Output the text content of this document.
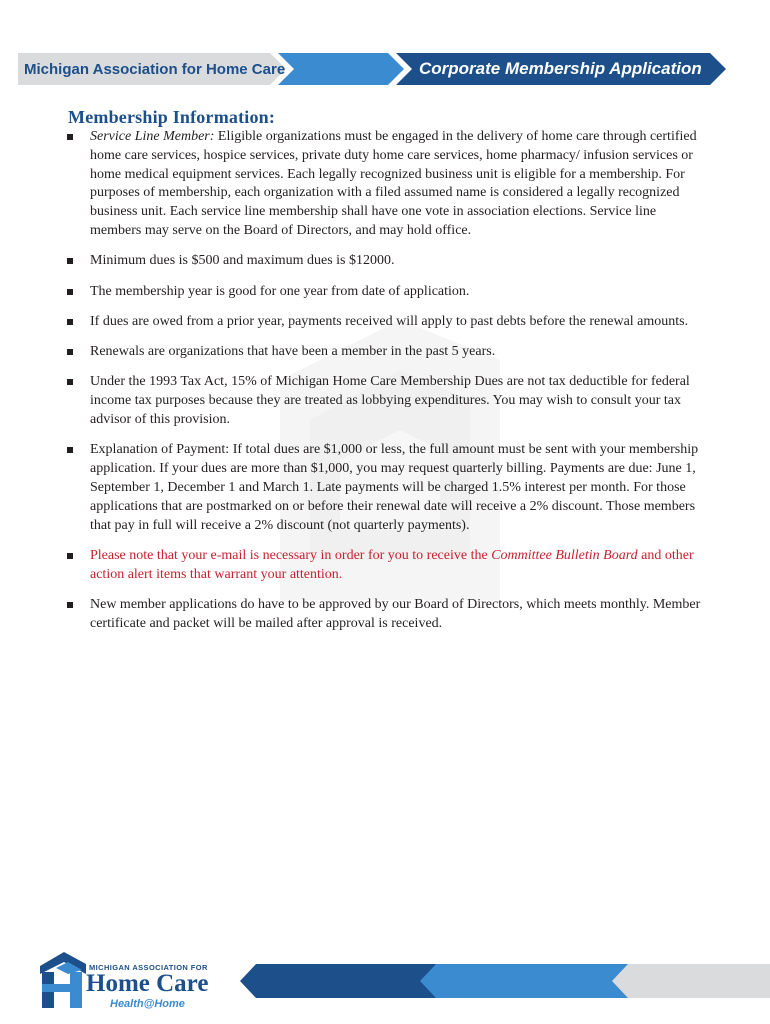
Michigan Association for Home Care	Corporate Membership Application
Membership Information:
Service Line Member: Eligible organizations must be engaged in the delivery of home care through certified home care services, hospice services, private duty home care services, home pharmacy/ infusion services or home medical equipment services. Each legally recognized business unit is eligible for a membership. For purposes of membership, each organization with a filed assumed name is considered a legally recognized business unit. Each service line membership shall have one vote in association elections. Service line members may serve on the Board of Directors, and may hold office.
Minimum dues is $500 and maximum dues is $12000.
The membership year is good for one year from date of application.
If dues are owed from a prior year, payments received will apply to past debts before the renewal amounts.
Renewals are organizations that have been a member in the past 5 years.
Under the 1993 Tax Act, 15% of Michigan Home Care Membership Dues are not tax deductible for federal income tax purposes because they are treated as lobbying expenditures. You may wish to consult your tax advisor of this provision.
Explanation of Payment: If total dues are $1,000 or less, the full amount must be sent with your membership application. If your dues are more than $1,000, you may request quarterly billing. Payments are due: June 1, September 1, December 1 and March 1. Late payments will be charged 1.5% interest per month. For those applications that are postmarked on or before their renewal date will receive a 2% discount. Those members that pay in full will receive a 2% discount (not quarterly payments).
Please note that your e-mail is necessary in order for you to receive the Committee Bulletin Board and other action alert items that warrant your attention.
New member applications do have to be approved by our Board of Directors, which meets monthly. Member certificate and packet will be mailed after approval is received.
MICHIGAN ASSOCIATION FOR
Home Care
Health@Home
